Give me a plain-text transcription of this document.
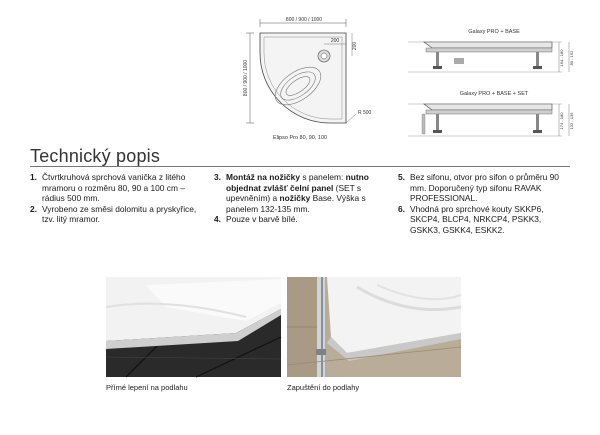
800 / 900 / 1000
800 / 900 / 1000
200
200
R 500
Elipso Pro 80, 90, 100
Galaxy PRO + BASE
164 - 180 80 - 152
Galaxy PRO + BASE + SET
174 - 180 132 - 135
Technický popis
1. Čtvrtkruhová sprchová vanička z litého mramoru o rozměru 80, 90 a 100 cm – rádius 500 mm.
2. Vyrobeno ze směsi dolomitu a pryskyřice, tzv. litý mramor.
3. Montáž na nožičky s panelem: nutno objednat zvlášť čelní panel (SET s upevněním) a nožičky Base. Výška s panelem 132-135 mm.
4. Pouze v barvě bílé.
5. Bez sifonu, otvor pro sifon o průměru 90 mm. Doporučený typ sifonu RAVAK PROFESSIONAL.
6. Vhodná pro sprchové kouty SKKP6, SKCP4, BLCP4, NRKCP4, PSKK3, GSKK3, GSKK4, ESKK2.
Přímé lepení na podlahu	Zapuštění do podlahy
